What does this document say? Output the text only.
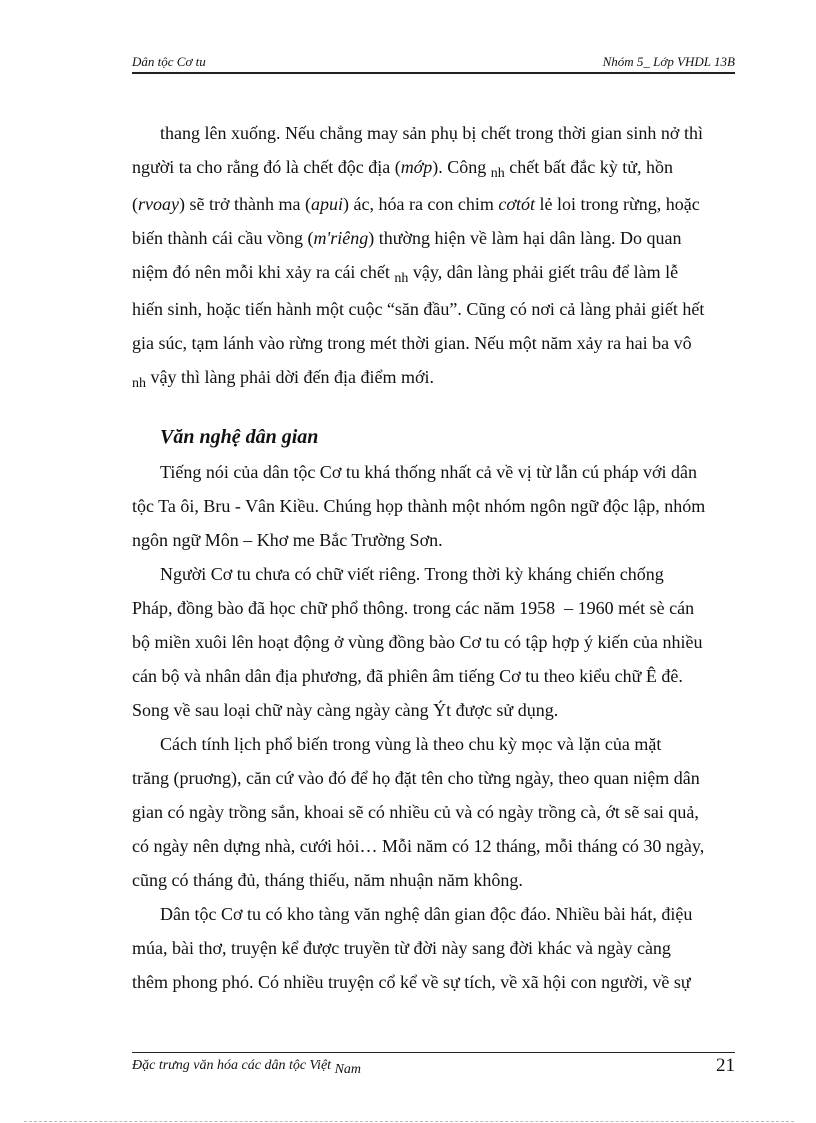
Dân tộc Cơ tu	Nhóm 5_ Lớp VHDL 13B
thang lên xuống. Nếu chẳng may sản phụ bị chết trong thời gian sinh nở thì
người ta cho rằng đó là chết độc địa (mớp). Công $_{nh}$ chết bất đắc kỳ tử, hồn
(rvoay) sẽ trở thành ma (apui) ác, hóa ra con chim cơtót lẻ loi trong rừng, hoặc
biến thành cái cầu vồng (m'riêng) thường hiện về làm hại dân làng. Do quan
niệm đó nên mỗi khi xảy ra cái chết $_{nh}$ vậy, dân làng phải giết trâu để làm lễ
hiến sinh, hoặc tiến hành một cuộc “săn đầu”. Cũng có nơi cả làng phải giết hết
gia súc, tạm lánh vào rừng trong mét thời gian. Nếu một năm xảy ra hai ba vô
$_{nh}$ vậy thì làng phải dời đến địa điểm mới.
Văn nghệ dân gian
Tiếng nói của dân tộc Cơ tu khá thống nhất cả về vị từ lẫn cú pháp với dân
tộc Ta ôi, Bru - Vân Kiều. Chúng họp thành một nhóm ngôn ngữ độc lập, nhóm
ngôn ngữ Môn – Khơ me Bắc Trường Sơn.
Người Cơ tu chưa có chữ viết riêng. Trong thời kỳ kháng chiến chống
Pháp, đồng bào đã học chữ phổ thông. trong các năm 1958  – 1960 mét sè cán
bộ miền xuôi lên hoạt động ở vùng đồng bào Cơ tu có tập hợp ý kiến của nhiều
cán bộ và nhân dân địa phương, đã phiên âm tiếng Cơ tu theo kiểu chữ Ê đê.
Song về sau loại chữ này càng ngày càng Ýt được sử dụng.
Cách tính lịch phổ biến trong vùng là theo chu kỳ mọc và lặn của mặt
trăng (pruơng), căn cứ vào đó để họ đặt tên cho từng ngày, theo quan niệm dân
gian có ngày trồng sắn, khoai sẽ có nhiều củ và có ngày trồng cà, ớt sẽ sai quả,
có ngày nên dựng nhà, cưới hỏi… Mỗi năm có 12 tháng, mỗi tháng có 30 ngày,
cũng có tháng đủ, tháng thiếu, năm nhuận năm không.
Dân tộc Cơ tu có kho tàng văn nghệ dân gian độc đáo. Nhiều bài hát, điệu
múa, bài thơ, truyện kể được truyền từ đời này sang đời khác và ngày càng
thêm phong phó. Có nhiều truyện cổ kể về sự tích, về xã hội con người, về sự
Đặc trưng văn hóa các dân tộc Việt Nam	21
